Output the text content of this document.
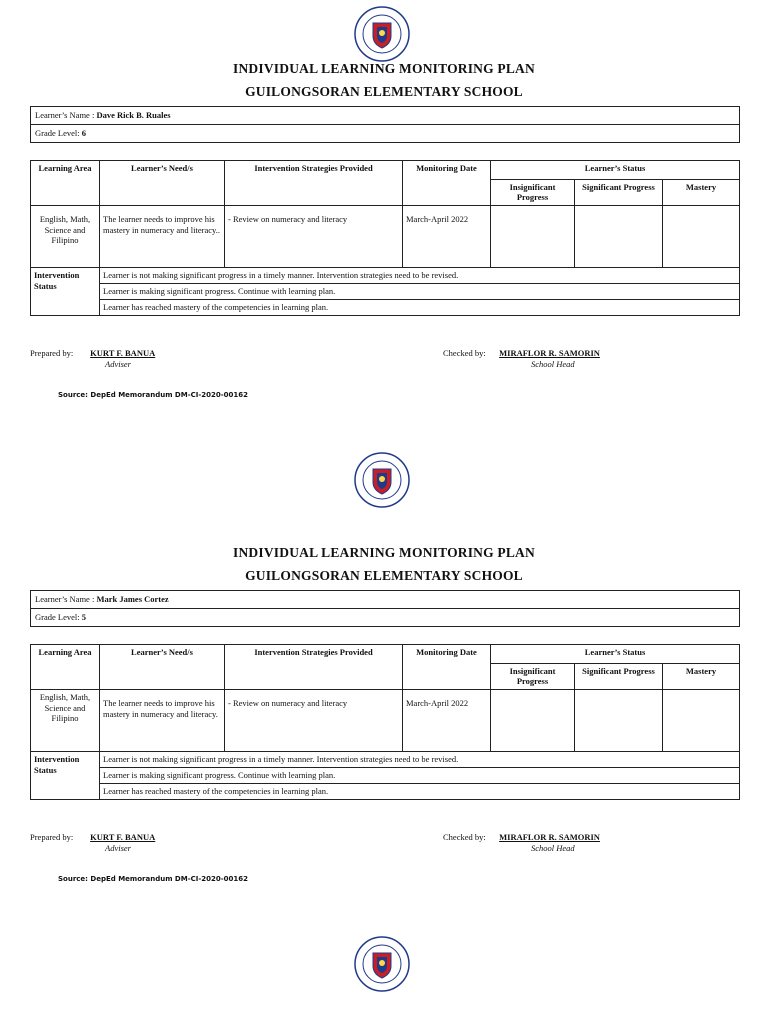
INDIVIDUAL LEARNING MONITORING PLAN
GUILONGSORAN ELEMENTARY SCHOOL
Learner’s Name : Dave Rick B. Ruales
Grade Level: 6
Learning Area	Learner’s Need/s	Intervention Strategies Provided	Monitoring Date	Learner’s Status		
				Insignificant Progress	Significant Progress	Mastery
English, Math, Science and Filipino	The learner needs to improve his mastery in numeracy and literacy..	- Review on numeracy and literacy	March-April 2022			
Intervention Status	Learner is not making significant progress in a timely manner. Intervention strategies need to be revised.					
	Learner is making significant progress. Continue with learning plan.					
	Learner has reached mastery of the competencies in learning plan.					
Prepared by: KURT F. BANUA
Adviser
Checked by: MIRAFLOR R. SAMORIN
School Head
Source: DepEd Memorandum DM-CI-2020-00162
INDIVIDUAL LEARNING MONITORING PLAN
GUILONGSORAN ELEMENTARY SCHOOL
Learner’s Name : Mark James Cortez
Grade Level: 5
Learning Area	Learner’s Need/s	Intervention Strategies Provided	Monitoring Date	Learner’s Status		
				Insignificant Progress	Significant Progress	Mastery
English, Math, Science and Filipino	The learner needs to improve his mastery in numeracy and literacy.	- Review on numeracy and literacy	March-April 2022			
Intervention Status	Learner is not making significant progress in a timely manner. Intervention strategies need to be revised.					
	Learner is making significant progress. Continue with learning plan.					
	Learner has reached mastery of the competencies in learning plan.					
Prepared by: KURT F. BANUA
Adviser
Checked by: MIRAFLOR R. SAMORIN
School Head
Source: DepEd Memorandum DM-CI-2020-00162
